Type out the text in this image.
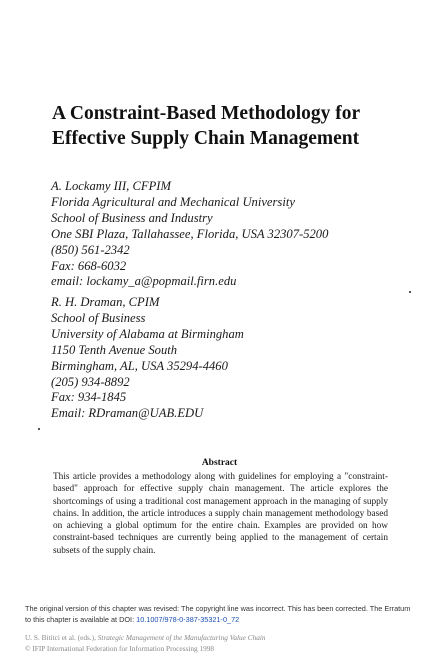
A Constraint-Based Methodology for
Effective Supply Chain Management
A. Lockamy III, CFPIM
Florida Agricultural and Mechanical University
School of Business and Industry
One SBI Plaza, Tallahassee, Florida, USA 32307-5200
(850) 561-2342
Fax: 668-6032
email: lockamy_a@popmail.firn.edu
R. H. Draman, CPIM
School of Business
University of Alabama at Birmingham
1150 Tenth Avenue South
Birmingham, AL, USA 35294-4460
(205) 934-8892
Fax: 934-1845
Email: RDraman@UAB.EDU
Abstract

This article provides a methodology along with guidelines for employing a "constraint-based" approach for effective supply chain management. The article explores the shortcomings of using a traditional cost management approach in the managing of supply chains. In addition, the article introduces a supply chain management methodology based on achieving a global optimum for the entire chain. Examples are provided on how constraint-based techniques are currently being applied to the management of certain subsets of the supply chain.

The original version of this chapter was revised: The copyright line was incorrect. This has been corrected. The Erratum to this chapter is available at DOI: 10.1007/978-0-387-35321-0_72

U. S. Bititci et al. (eds.), Strategic Management of the Manufacturing Value Chain
© IFIP International Federation for Information Processing 1998
